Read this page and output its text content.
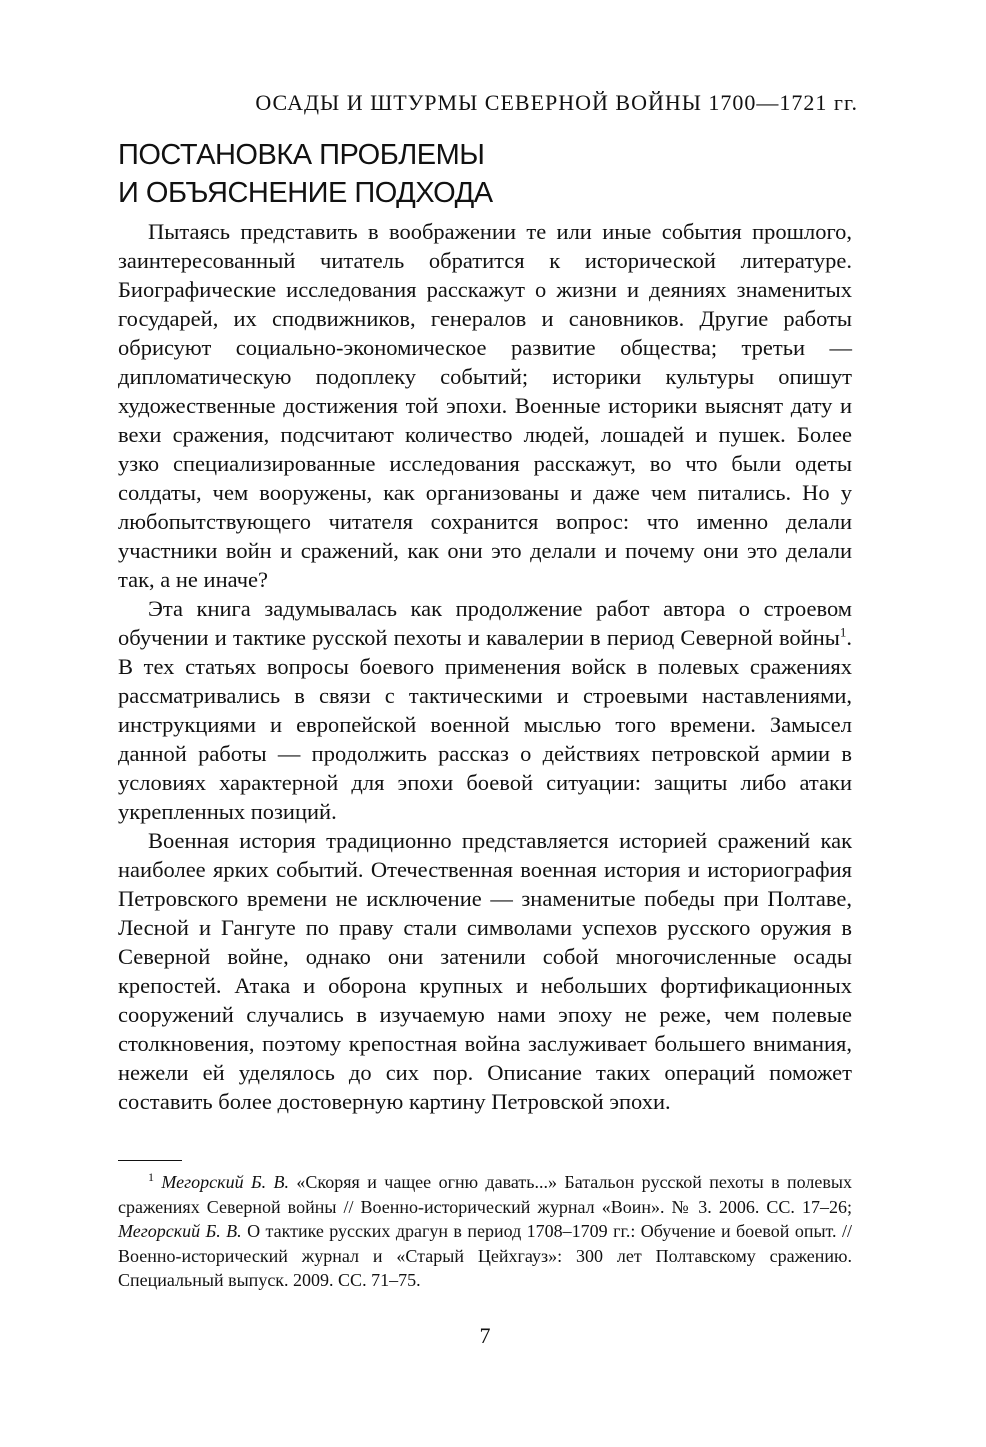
ОСАДЫ И ШТУРМЫ СЕВЕРНОЙ ВОЙНЫ 1700—1721 гг.
ПОСТАНОВКА ПРОБЛЕМЫ
И ОБЪЯСНЕНИЕ ПОДХОДА

Пытаясь представить в воображении те или иные события прошлого, заинтересованный читатель обратится к исторической литературе. Биографические исследования расскажут о жизни и деяниях знаменитых государей, их сподвижников, генералов и сановников. Другие работы обрисуют социально-экономическое развитие общества; третьи — дипломатическую подоплеку событий; историки культуры опишут художественные достижения той эпохи. Военные историки выяснят дату и вехи сражения, подсчитают количество людей, лошадей и пушек. Более узко специализированные исследования расскажут, во что были одеты солдаты, чем вооружены, как организованы и даже чем питались. Но у любопытствующего читателя сохранится вопрос: что именно делали участники войн и сражений, как они это делали и почему они это делали так, а не иначе?

Эта книга задумывалась как продолжение работ автора о строевом обучении и тактике русской пехоты и кавалерии в период Северной войны$^1$. В тех статьях вопросы боевого применения войск в полевых сражениях рассматривались в связи с тактическими и строевыми наставлениями, инструкциями и европейской военной мыслью того времени. Замысел данной работы — продолжить рассказ о действиях петровской армии в условиях характерной для эпохи боевой ситуации: защиты либо атаки укрепленных позиций.

Военная история традиционно представляется историей сражений как наиболее ярких событий. Отечественная военная история и историография Петровского времени не исключение — знаменитые победы при Полтаве, Лесной и Гангуте по праву стали символами успехов русского оружия в Северной войне, однако они затенили собой многочисленные осады крепостей. Атака и оборона крупных и небольших фортификационных сооружений случались в изучаемую нами эпоху не реже, чем полевые столкновения, поэтому крепостная война заслуживает большего внимания, нежели ей уделялось до сих пор. Описание таких операций поможет составить более достоверную картину Петровской эпохи.

$^1$ Мегорский Б. В. «Скоряя и чащее огню давать...» Батальон русской пехоты в полевых сражениях Северной войны // Военно-исторический журнал «Воин». № 3. 2006. СС. 17–26; Мегорский Б. В. О тактике русских драгун в период 1708–1709 гг.: Обучение и боевой опыт. // Военно-исторический журнал и «Старый Цейхгауз»: 300 лет Полтавскому сражению. Специальный выпуск. 2009. СС. 71–75.
7
